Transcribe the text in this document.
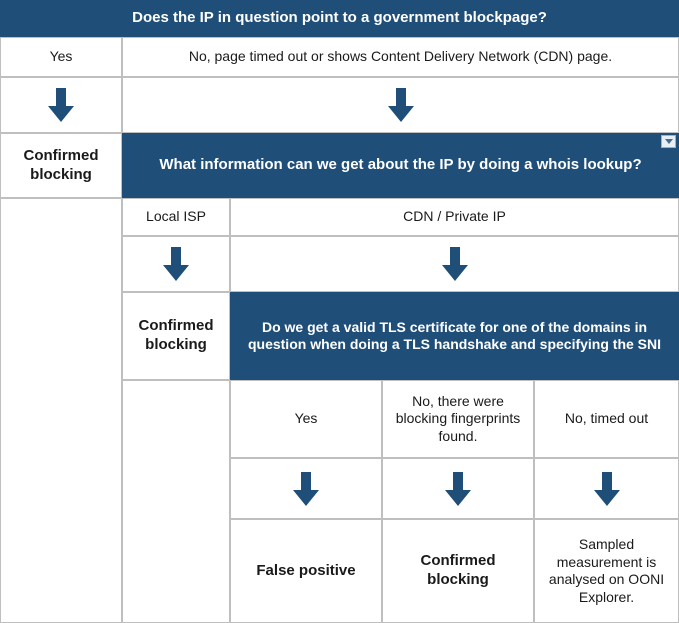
Does the IP in question point to a government blockpage?
Yes	No, page timed out or shows Content Delivery Network (CDN) page.
Confirmed
blocking
What information can we get about the IP by doing a whois lookup?
Local ISP	CDN / Private IP
Confirmed
blocking
Do we get a valid TLS certificate for one of the domains in question when doing a TLS handshake and specifying the SNI
Yes
No, there were blocking fingerprints found.
No, timed out
False positive
Confirmed
blocking
Sampled measurement is analysed on OONI Explorer.
